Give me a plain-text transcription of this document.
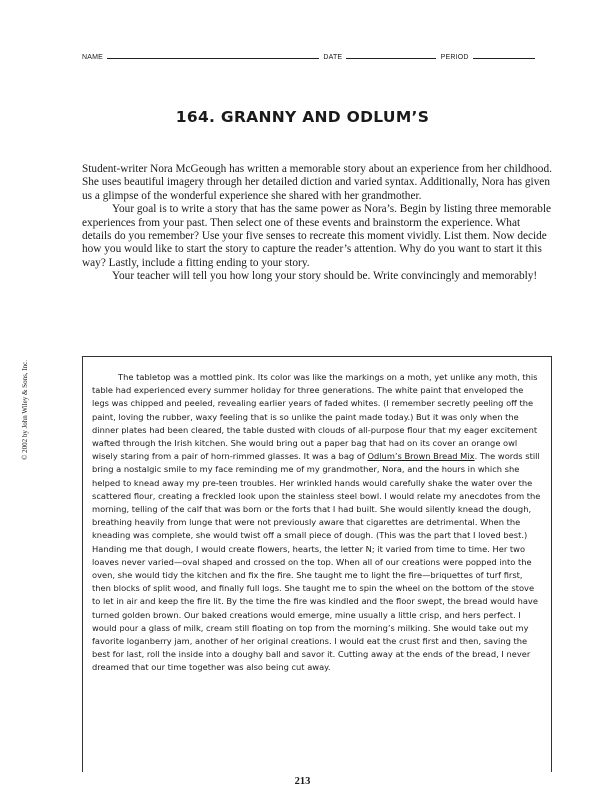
NAME	DATE	PERIOD
164. GRANNY AND ODLUM’S

Student-writer Nora McGeough has written a memorable story about an experience from her childhood. She uses beautiful imagery through her detailed diction and varied syntax. Additionally, Nora has given us a glimpse of the wonderful experience she shared with her grandmother.

Your goal is to write a story that has the same power as Nora’s. Begin by listing three memorable experiences from your past. Then select one of these events and brainstorm the experience. What details do you remember? Use your five senses to recreate this moment vividly. List them. Now decide how you would like to start the story to capture the reader’s attention. Why do you want to start it this way? Lastly, include a fitting ending to your story.

Your teacher will tell you how long your story should be. Write convincingly and memorably!

© 2002 by John Wiley & Sons, Inc.	The tabletop was a mottled pink. Its color was like the markings on a moth, yet unlike any moth, this table had experienced every summer holiday for three generations. The white paint that enveloped the legs was chipped and peeled, revealing earlier years of faded whites. (I remember secretly peeling off the paint, loving the rubber, waxy feeling that is so unlike the paint made today.) But it was only when the dinner plates had been cleared, the table dusted with clouds of all-purpose flour that my eager excitement wafted through the Irish kitchen. She would bring out a paper bag that had on its cover an orange owl wisely staring from a pair of horn-rimmed glasses. It was a bag of Odlum’s Brown Bread Mix. The words still bring a nostalgic smile to my face reminding me of my grandmother, Nora, and the hours in which she helped to knead away my pre-teen troubles. Her wrinkled hands would carefully shake the water over the scattered flour, creating a freckled look upon the stainless steel bowl. I would relate my anecdotes from the morning, telling of the calf that was born or the forts that I had built. She would silently knead the dough, breathing heavily from lunge that were not previously aware that cigarettes are detrimental. When the kneading was complete, she would twist off a small piece of dough. (This was the part that I loved best.) Handing me that dough, I would create flowers, hearts, the letter N; it varied from time to time. Her two loaves never varied—oval shaped and crossed on the top. When all of our creations were popped into the oven, she would tidy the kitchen and fix the fire. She taught me to light the fire—briquettes of turf first, then blocks of split wood, and finally full logs. She taught me to spin the wheel on the bottom of the stove to let in air and keep the fire lit. By the time the fire was kindled and the floor swept, the bread would have turned golden brown. Our baked creations would emerge, mine usually a little crisp, and hers perfect. I would pour a glass of milk, cream still floating on top from the morning’s milking. She would take out my favorite loganberry jam, another of her original creations. I would eat the crust first and then, saving the best for last, roll the inside into a doughy ball and savor it. Cutting away at the ends of the bread, I never dreamed that our time together was also being cut away.

213
